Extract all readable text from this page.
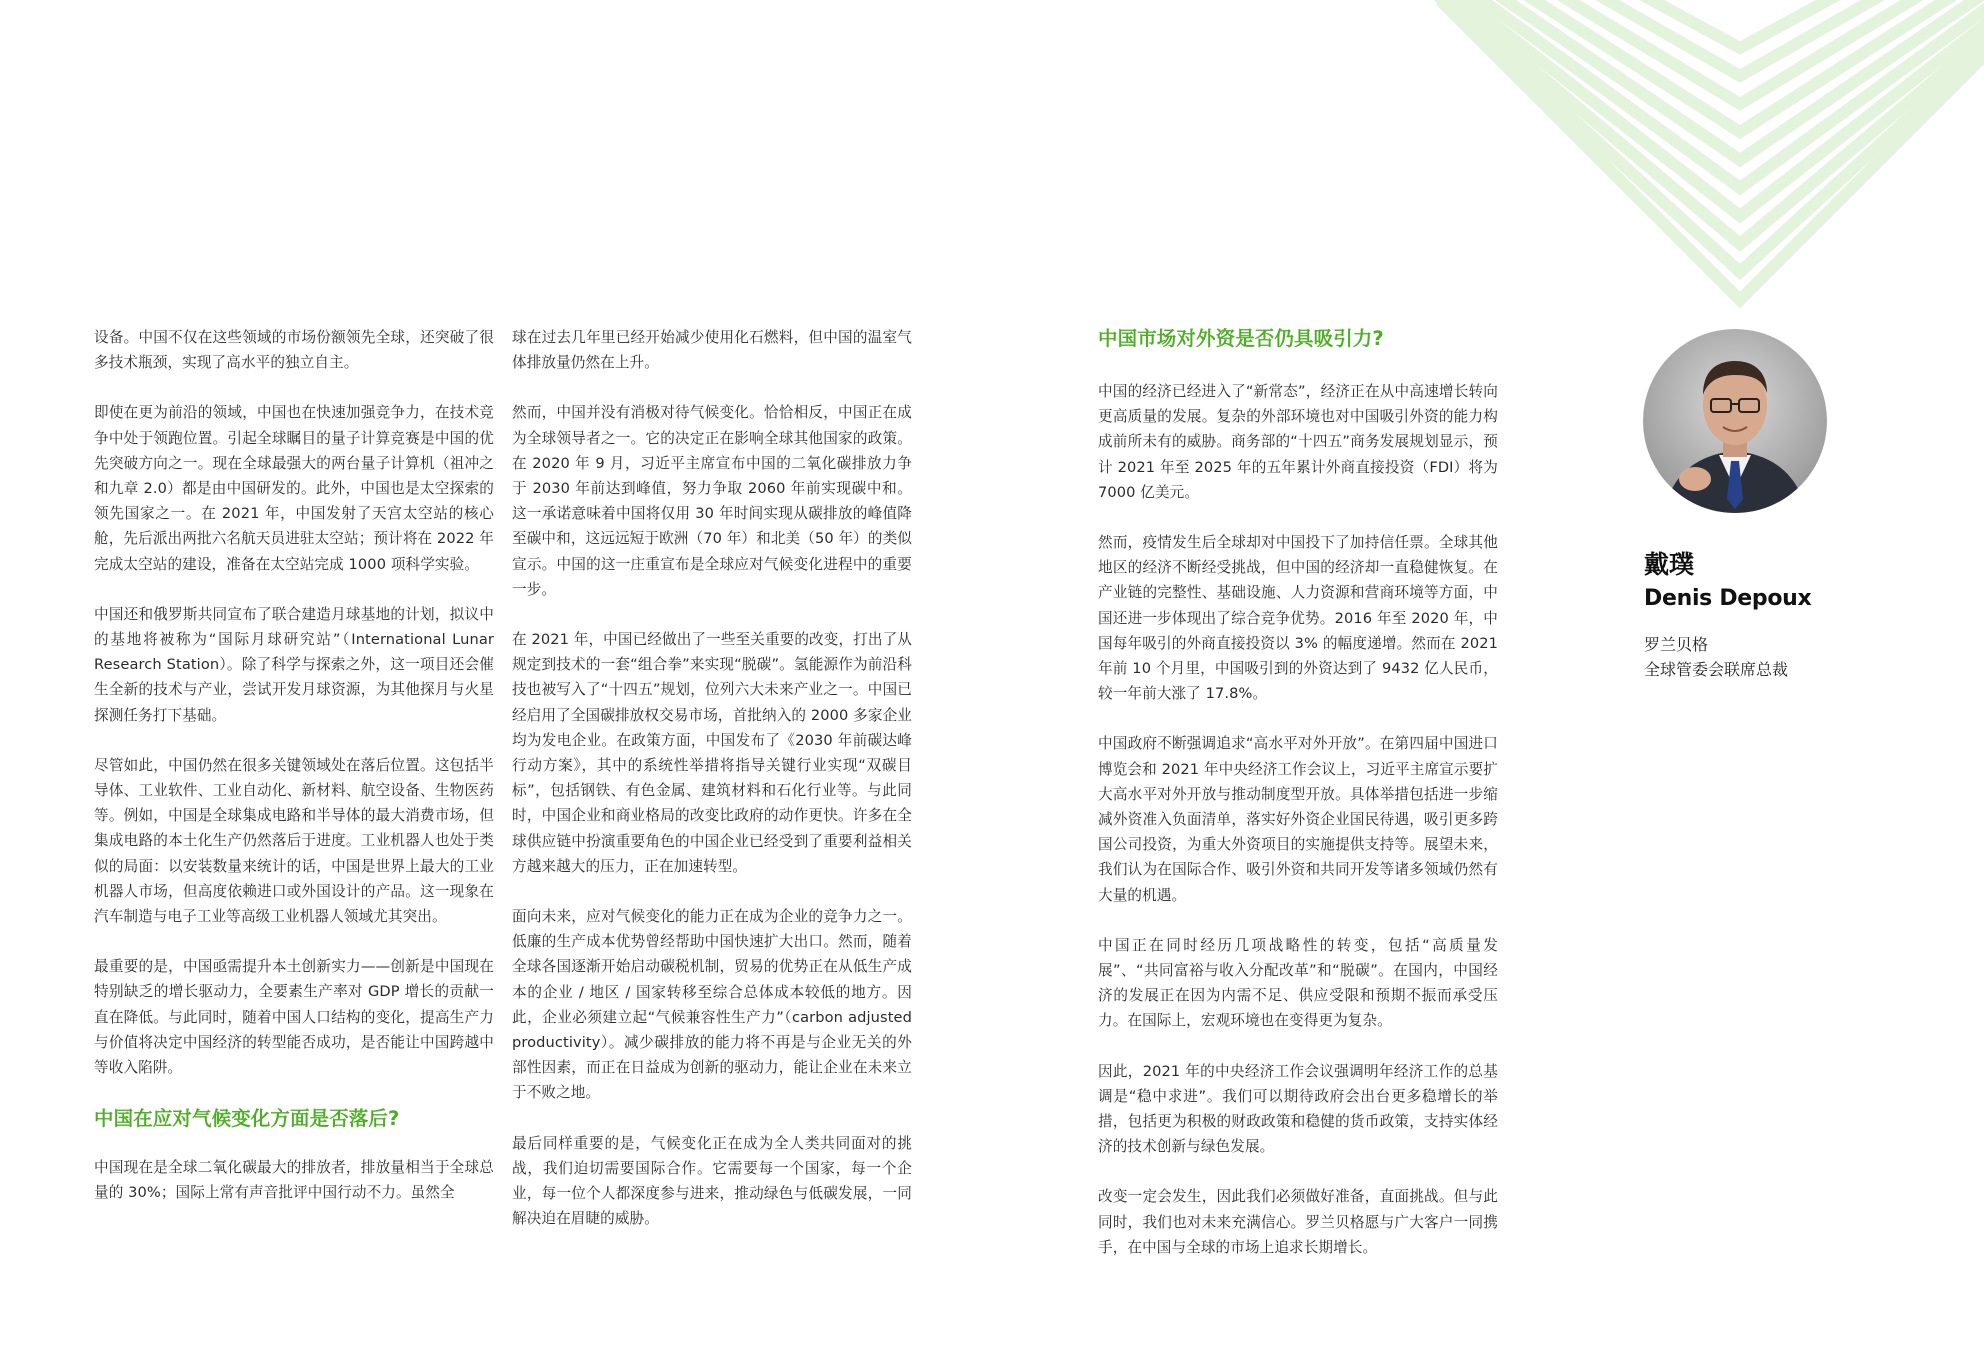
设备。中国不仅在这些领域的市场份额领先全球，还突破了很多技术瓶颈，实现了高水平的独立自主。

即使在更为前沿的领域，中国也在快速加强竞争力，在技术竞争中处于领跑位置。引起全球瞩目的量子计算竞赛是中国的优先突破方向之一。现在全球最强大的两台量子计算机（祖冲之和九章 2.0）都是由中国研发的。此外，中国也是太空探索的领先国家之一。在 2021 年，中国发射了天宫太空站的核心舱，先后派出两批六名航天员进驻太空站；预计将在 2022 年完成太空站的建设，准备在太空站完成 1000 项科学实验。

中国还和俄罗斯共同宣布了联合建造月球基地的计划，拟议中的基地将被称为“国际月球研究站”（International Lunar Research Station）。除了科学与探索之外，这一项目还会催生全新的技术与产业，尝试开发月球资源，为其他探月与火星探测任务打下基础。

尽管如此，中国仍然在很多关键领域处在落后位置。这包括半导体、工业软件、工业自动化、新材料、航空设备、生物医药等。例如，中国是全球集成电路和半导体的最大消费市场，但集成电路的本土化生产仍然落后于进度。工业机器人也处于类似的局面：以安装数量来统计的话，中国是世界上最大的工业机器人市场，但高度依赖进口或外国设计的产品。这一现象在汽车制造与电子工业等高级工业机器人领域尤其突出。

最重要的是，中国亟需提升本土创新实力——创新是中国现在特别缺乏的增长驱动力，全要素生产率对 GDP 增长的贡献一直在降低。与此同时，随着中国人口结构的变化，提高生产力与价值将决定中国经济的转型能否成功，是否能让中国跨越中等收入陷阱。

中国在应对气候变化方面是否落后?

中国现在是全球二氧化碳最大的排放者，排放量相当于全球总量的 30%；国际上常有声音批评中国行动不力。虽然全

球在过去几年里已经开始减少使用化石燃料，但中国的温室气体排放量仍然在上升。

然而，中国并没有消极对待气候变化。恰恰相反，中国正在成为全球领导者之一。它的决定正在影响全球其他国家的政策。在 2020 年 9 月，习近平主席宣布中国的二氧化碳排放力争于 2030 年前达到峰值，努力争取 2060 年前实现碳中和。这一承诺意味着中国将仅用 30 年时间实现从碳排放的峰值降至碳中和，这远远短于欧洲（70 年）和北美（50 年）的类似宣示。中国的这一庄重宣布是全球应对气候变化进程中的重要一步。

在 2021 年，中国已经做出了一些至关重要的改变，打出了从规定到技术的一套“组合拳”来实现“脱碳”。氢能源作为前沿科技也被写入了“十四五”规划，位列六大未来产业之一。中国已经启用了全国碳排放权交易市场，首批纳入的 2000 多家企业均为发电企业。在政策方面，中国发布了《2030 年前碳达峰行动方案》，其中的系统性举措将指导关键行业实现“双碳目标”，包括钢铁、有色金属、建筑材料和石化行业等。与此同时，中国企业和商业格局的改变比政府的动作更快。许多在全球供应链中扮演重要角色的中国企业已经受到了重要利益相关方越来越大的压力，正在加速转型。

面向未来，应对气候变化的能力正在成为企业的竞争力之一。低廉的生产成本优势曾经帮助中国快速扩大出口。然而，随着全球各国逐渐开始启动碳税机制，贸易的优势正在从低生产成本的企业 / 地区 / 国家转移至综合总体成本较低的地方。因此，企业必须建立起“气候兼容性生产力”（carbon adjusted productivity）。减少碳排放的能力将不再是与企业无关的外部性因素，而正在日益成为创新的驱动力，能让企业在未来立于不败之地。

最后同样重要的是，气候变化正在成为全人类共同面对的挑战，我们迫切需要国际合作。它需要每一个国家，每一个企业，每一位个人都深度参与进来，推动绿色与低碳发展，一同解决迫在眉睫的威胁。

中国市场对外资是否仍具吸引力?

中国的经济已经进入了“新常态”，经济正在从中高速增长转向更高质量的发展。复杂的外部环境也对中国吸引外资的能力构成前所未有的威胁。商务部的“十四五”商务发展规划显示，预计 2021 年至 2025 年的五年累计外商直接投资（FDI）将为 7000 亿美元。

然而，疫情发生后全球却对中国投下了加持信任票。全球其他地区的经济不断经受挑战，但中国的经济却一直稳健恢复。在产业链的完整性、基础设施、人力资源和营商环境等方面，中国还进一步体现出了综合竞争优势。2016 年至 2020 年，中国每年吸引的外商直接投资以 3% 的幅度递增。然而在 2021 年前 10 个月里，中国吸引到的外资达到了 9432 亿人民币，较一年前大涨了 17.8%。

中国政府不断强调追求“高水平对外开放”。在第四届中国进口博览会和 2021 年中央经济工作会议上，习近平主席宣示要扩大高水平对外开放与推动制度型开放。具体举措包括进一步缩减外资准入负面清单，落实好外资企业国民待遇，吸引更多跨国公司投资，为重大外资项目的实施提供支持等。展望未来，我们认为在国际合作、吸引外资和共同开发等诸多领域仍然有大量的机遇。

中国正在同时经历几项战略性的转变，包括“高质量发展”、“共同富裕与收入分配改革”和“脱碳”。在国内，中国经济的发展正在因为内需不足、供应受限和预期不振而承受压力。在国际上，宏观环境也在变得更为复杂。

因此，2021 年的中央经济工作会议强调明年经济工作的总基调是“稳中求进”。我们可以期待政府会出台更多稳增长的举措，包括更为积极的财政政策和稳健的货币政策，支持实体经济的技术创新与绿色发展。

改变一定会发生，因此我们必须做好准备，直面挑战。但与此同时，我们也对未来充满信心。罗兰贝格愿与广大客户一同携手，在中国与全球的市场上追求长期增长。

戴璞
Denis Depoux
罗兰贝格
全球管委会联席总裁
